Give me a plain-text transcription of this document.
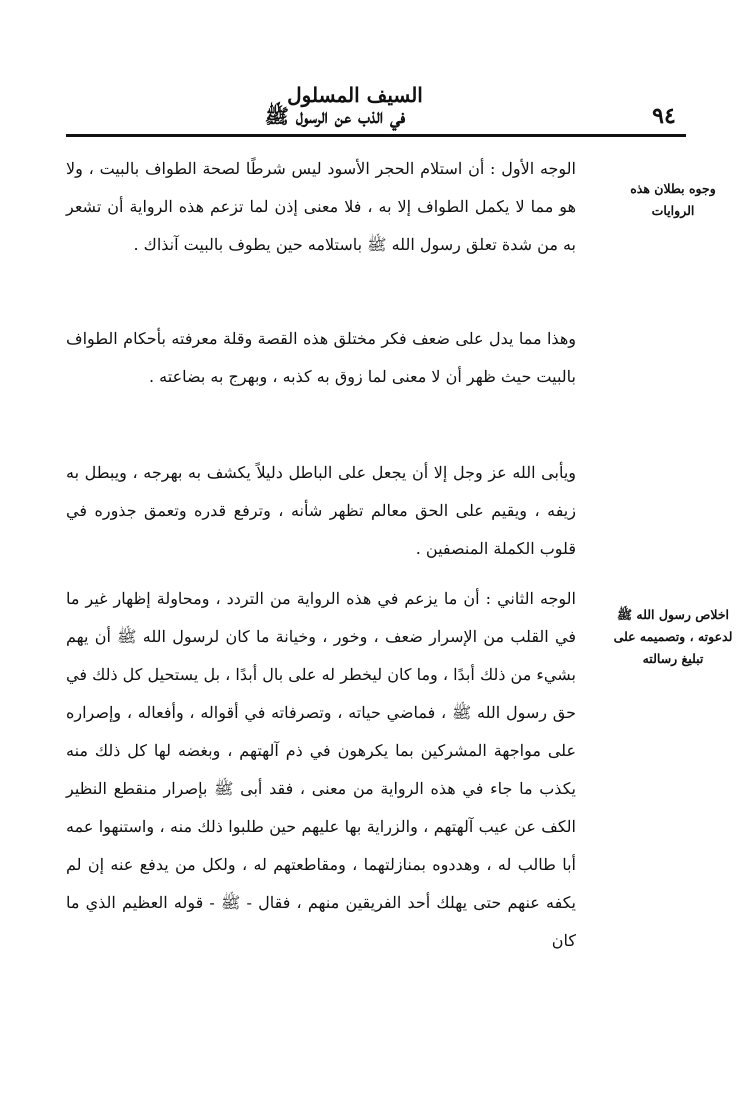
السيف المسلول
في الذب عن الرسول ﷺ	٩٤
وجوه بطلان هذه الروايات
اخلاص رسول الله ﷺ لدعوته ، وتصميمه على تبليغ رسالته

الوجه الأول : أن استلام الحجر الأسود ليس شرطًا لصحة الطواف بالبيت ، ولا هو مما لا يكمل الطواف إلا به ، فلا معنى إذن لما تزعم هذه الرواية أن تشعر به من شدة تعلق رسول الله ﷺ باستلامه حين يطوف بالبيت آنذاك .

وهذا مما يدل على ضعف فكر مختلق هذه القصة وقلة معرفته بأحكام الطواف بالبيت حيث ظهر أن لا معنى لما زوق به كذبه ، وبهرج به بضاعته .

ويأبى الله عز وجل إلا أن يجعل على الباطل دليلاً يكشف به بهرجه ، ويبطل به زيفه ، ويقيم على الحق معالم تظهر شأنه ، وترفع قدره وتعمق جذوره في قلوب الكملة المنصفين .

الوجه الثاني : أن ما يزعم في هذه الرواية من التردد ، ومحاولة إظهار غير ما في القلب من الإسرار ضعف ، وخور ، وخيانة ما كان لرسول الله ﷺ أن يهم بشيء من ذلك أبدًا ، وما كان ليخطر له على بال أبدًا ، بل يستحيل كل ذلك في حق رسول الله ﷺ ، فماضي حياته ، وتصرفاته في أقواله ، وأفعاله ، وإصراره على مواجهة المشركين بما يكرهون في ذم آلهتهم ، وبغضه لها كل ذلك منه يكذب ما جاء في هذه الرواية من معنى ، فقد أبى ﷺ بإصرار منقطع النظير الكف عن عيب آلهتهم ، والزراية بها عليهم حين طلبوا ذلك منه ، واستنهوا عمه أبا طالب له ، وهددوه بمنازلتهما ، ومقاطعتهم له ، ولكل من يدفع عنه إن لم يكفه عنهم حتى يهلك أحد الفريقين منهم ، فقال - ﷺ - قوله العظيم الذي ما كان
